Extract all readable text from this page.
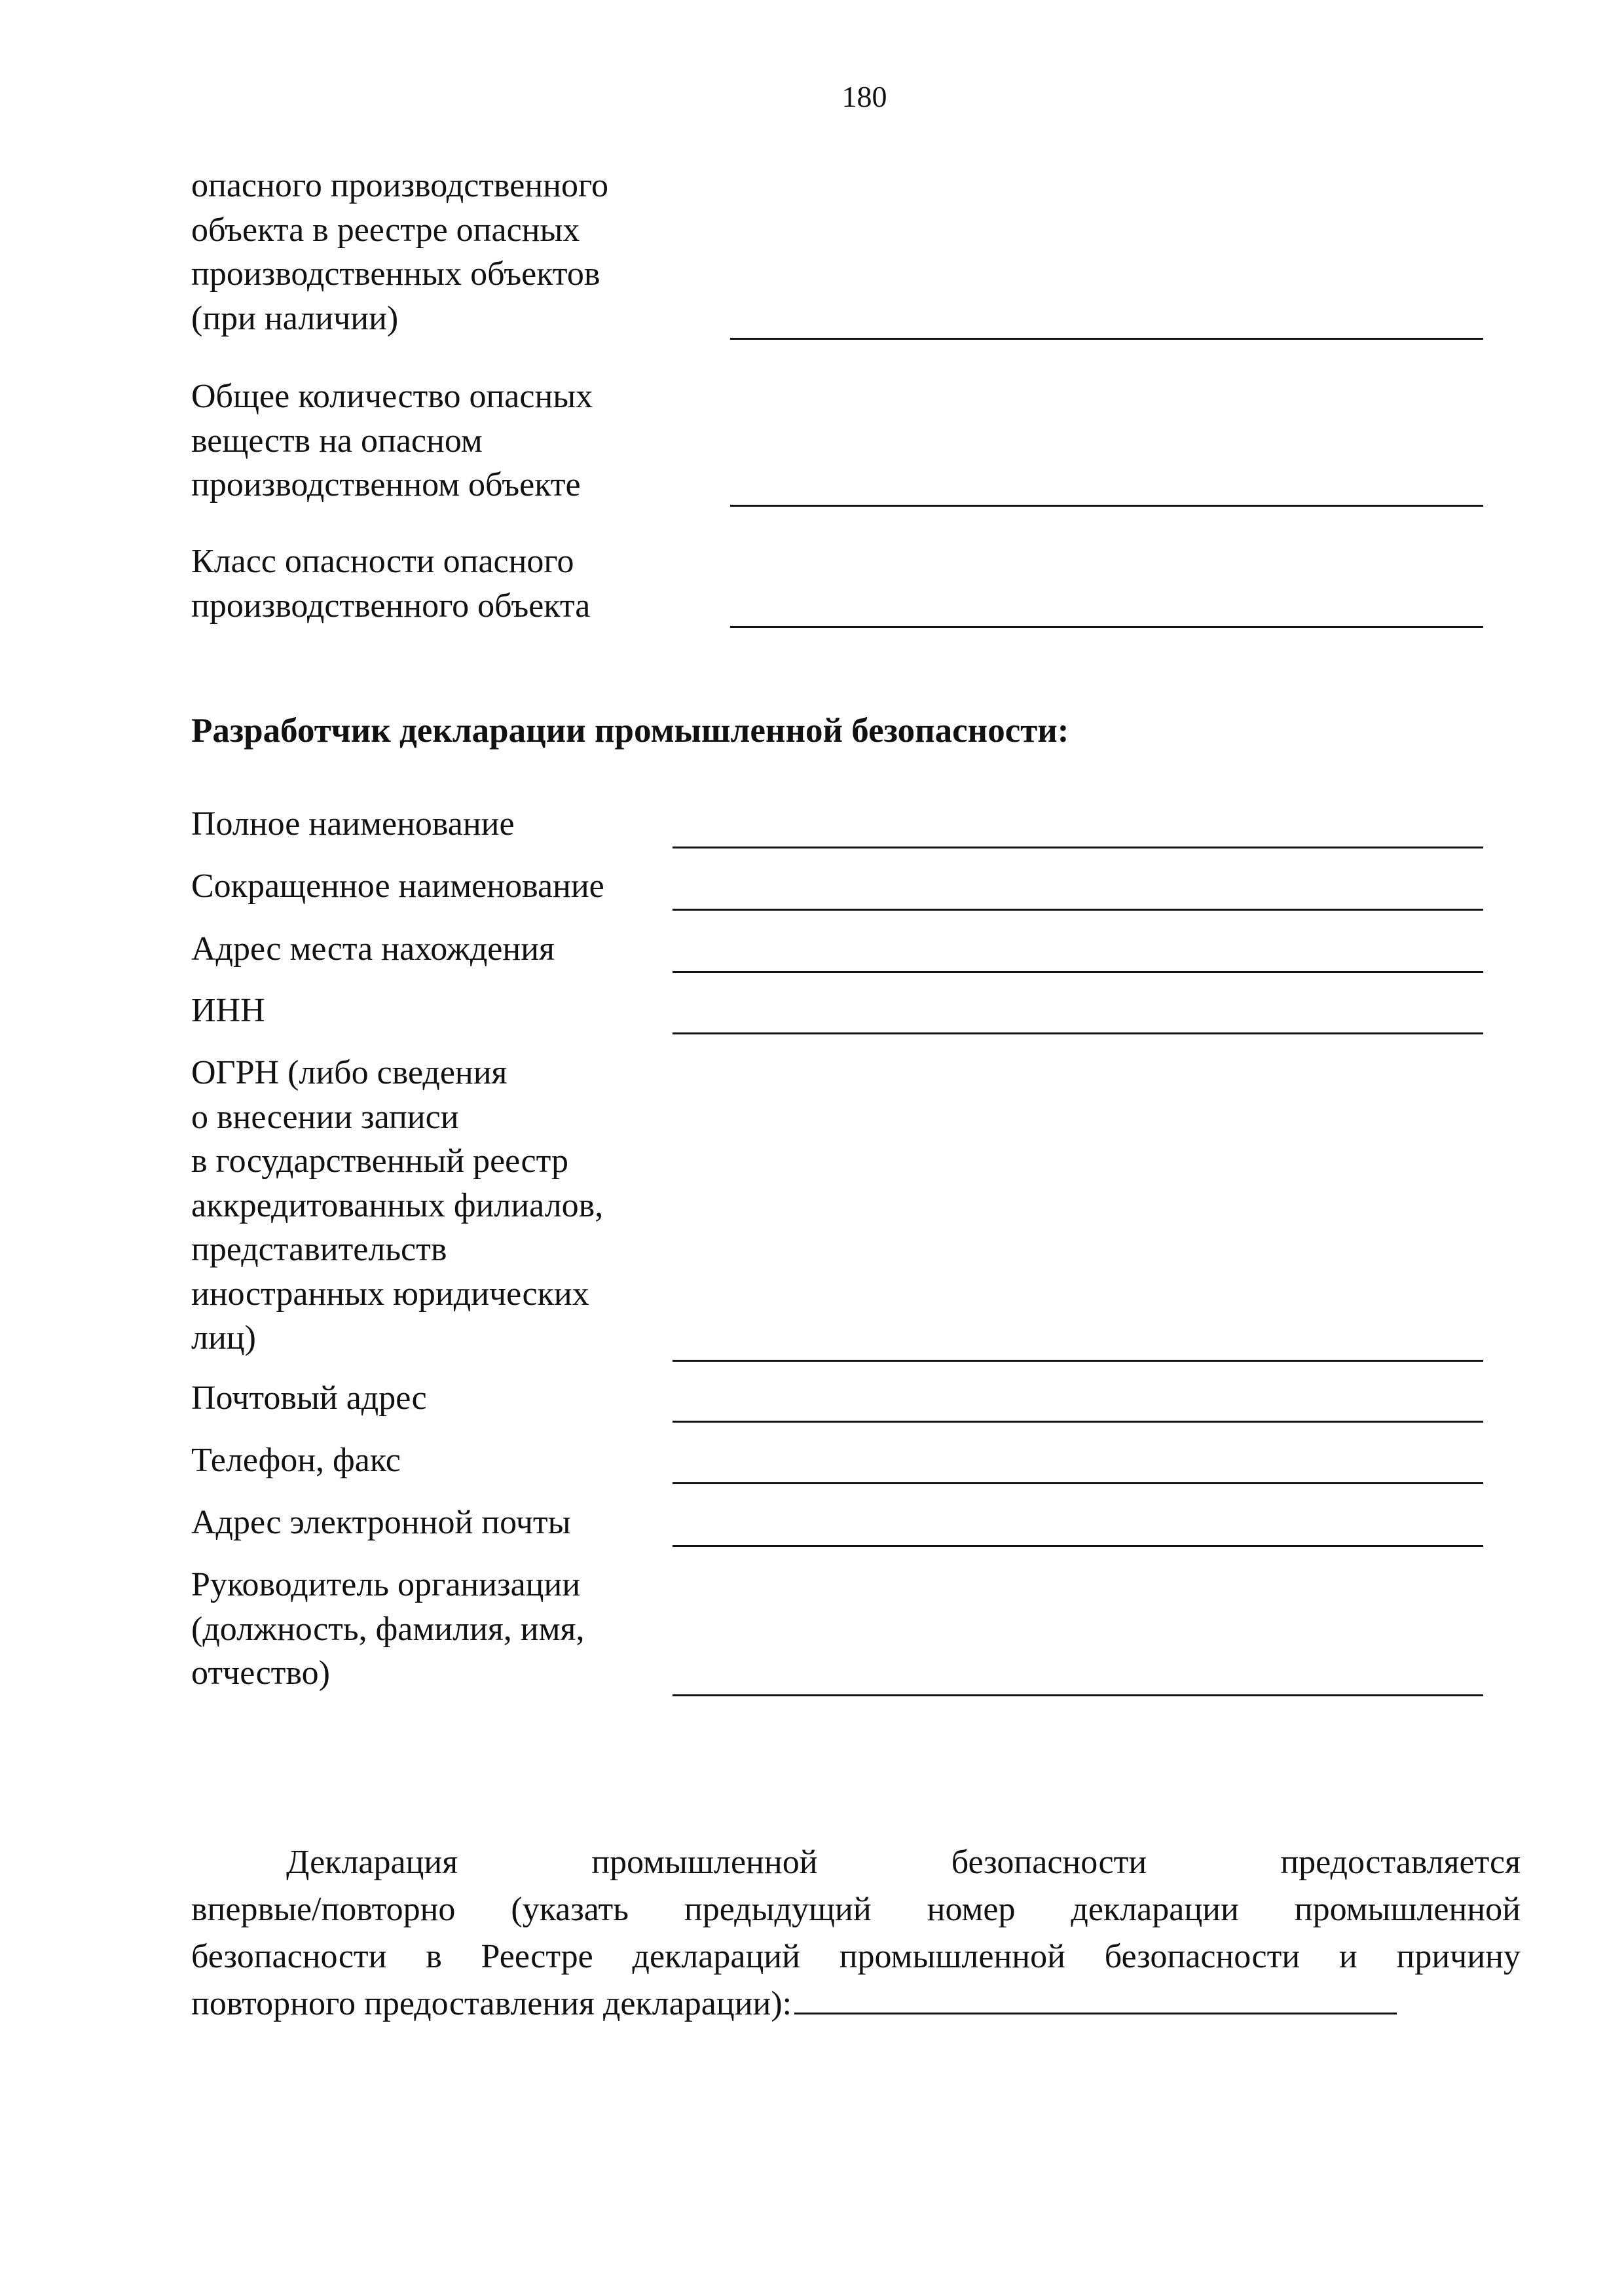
180
опасного производственного
объекта в реестре опасных
производственных объектов
(при наличии)
Общее количество опасных
веществ на опасном
производственном объекте
Класс опасности опасного
производственного объекта
Разработчик декларации промышленной безопасности:
Полное наименование
Сокращенное наименование
Адрес места нахождения
ИНН
ОГРН (либо сведения
о внесении записи
в государственный реестр
аккредитованных филиалов,
представительств
иностранных юридических
лиц)
Почтовый адрес
Телефон, факс
Адрес электронной почты
Руководитель организации
(должность, фамилия, имя,
отчество)
Декларация промышленной безопасности предоставляется
впервые/повторно (указать предыдущий номер декларации промышленной
безопасности в Реестре деклараций промышленной безопасности и причину
повторного предоставления декларации):
